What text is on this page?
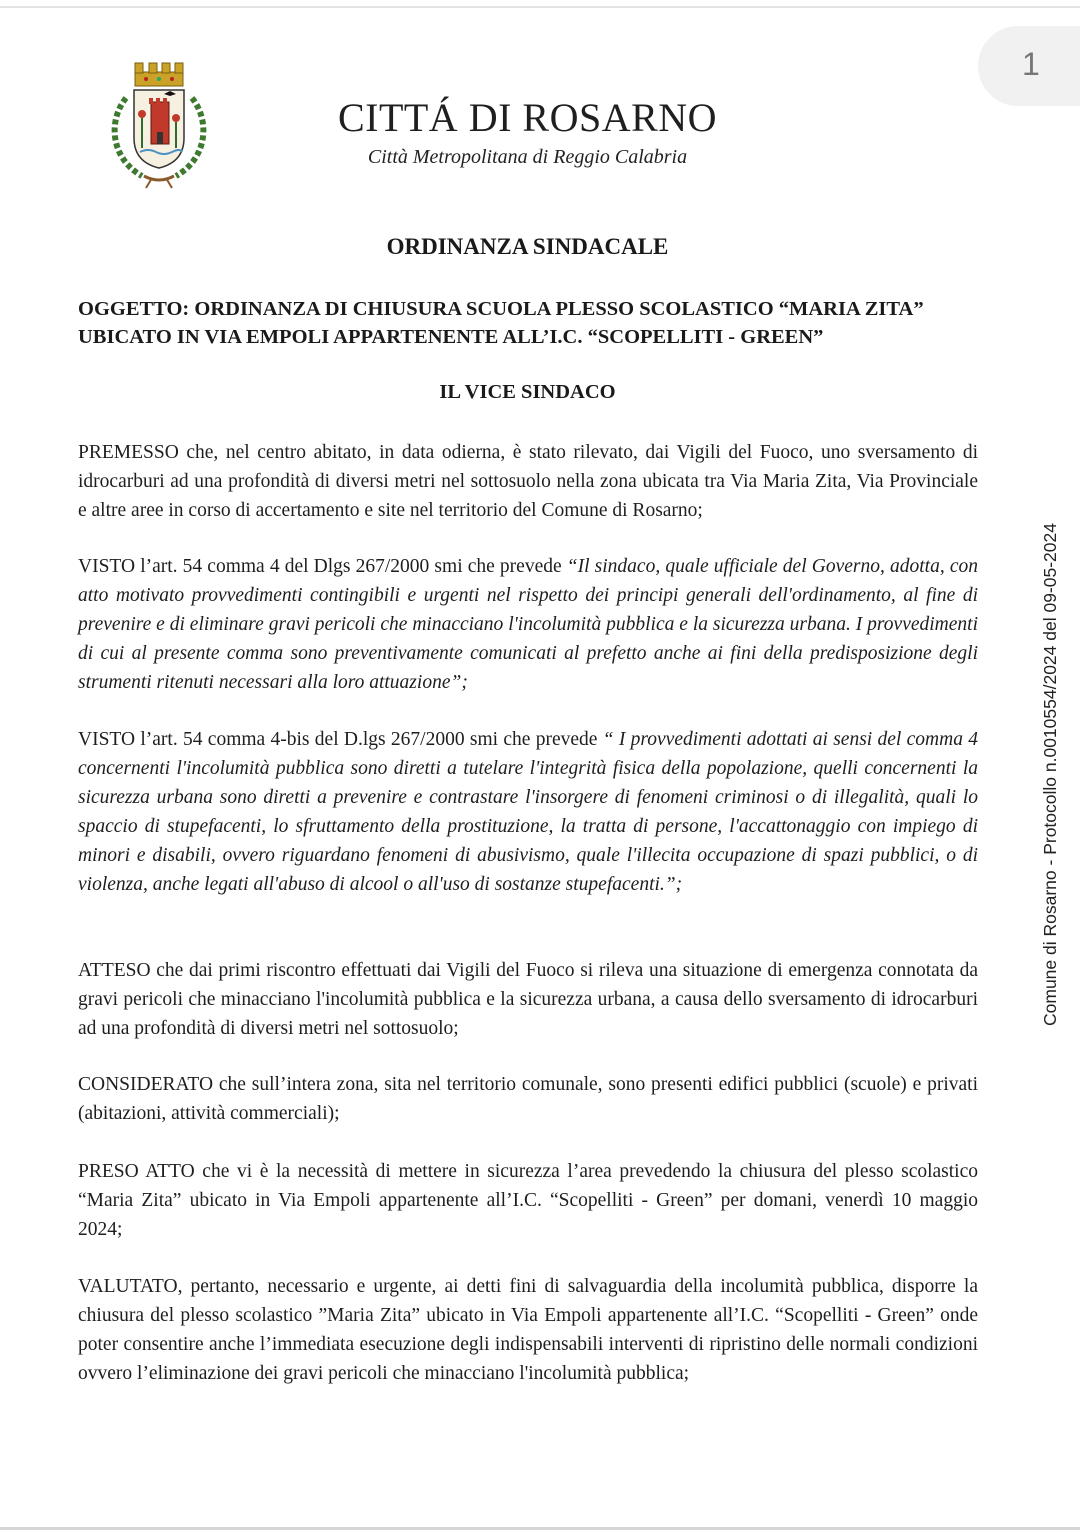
1
Comune di Rosarno - Protocollo n.0010554/2024 del 09-05-2024
CITTÁ DI ROSARNO
Città Metropolitana di Reggio Calabria
ORDINANZA SINDACALE
OGGETTO: ORDINANZA DI CHIUSURA SCUOLA PLESSO SCOLASTICO “MARIA ZITA”
UBICATO IN VIA EMPOLI APPARTENENTE ALL’I.C. “SCOPELLITI - GREEN”
IL VICE SINDACO
PREMESSO che, nel centro abitato, in data odierna, è stato rilevato, dai Vigili del Fuoco, uno sversamento di idrocarburi ad una profondità di diversi metri nel sottosuolo nella zona ubicata tra Via Maria Zita, Via Provinciale e altre aree in corso di accertamento e site nel territorio del Comune di Rosarno;
VISTO l’art. 54 comma 4 del Dlgs 267/2000 smi che prevede “Il sindaco, quale ufficiale del Governo, adotta, con atto motivato provvedimenti contingibili e urgenti nel rispetto dei principi generali dell'ordinamento, al fine di prevenire e di eliminare gravi pericoli che minacciano l'incolumità pubblica e la sicurezza urbana. I provvedimenti di cui al presente comma sono preventivamente comunicati al prefetto anche ai fini della predisposizione degli strumenti ritenuti necessari alla loro attuazione”;
VISTO l’art. 54 comma 4-bis del D.lgs 267/2000 smi che prevede “ I provvedimenti adottati ai sensi del comma 4 concernenti l'incolumità pubblica sono diretti a tutelare l'integrità fisica della popolazione, quelli concernenti la sicurezza urbana sono diretti a prevenire e contrastare l'insorgere di fenomeni criminosi o di illegalità, quali lo spaccio di stupefacenti, lo sfruttamento della prostituzione, la tratta di persone, l'accattonaggio con impiego di minori e disabili, ovvero riguardano fenomeni di abusivismo, quale l'illecita occupazione di spazi pubblici, o di violenza, anche legati all'abuso di alcool o all'uso di sostanze stupefacenti.”;
ATTESO che dai primi riscontro effettuati dai Vigili del Fuoco si rileva una situazione di emergenza connotata da gravi pericoli che minacciano l'incolumità pubblica e la sicurezza urbana, a causa dello sversamento di idrocarburi ad una profondità di diversi metri nel sottosuolo;
CONSIDERATO che sull’intera zona, sita nel territorio comunale, sono presenti edifici pubblici (scuole) e privati (abitazioni, attività commerciali);
PRESO ATTO che vi è la necessità di mettere in sicurezza l’area prevedendo la chiusura del plesso scolastico “Maria Zita” ubicato in Via Empoli appartenente all’I.C. “Scopelliti - Green” per domani, venerdì 10 maggio 2024;
VALUTATO, pertanto, necessario e urgente, ai detti fini di salvaguardia della incolumità pubblica, disporre la chiusura del plesso scolastico ”Maria Zita” ubicato in Via Empoli appartenente all’I.C. “Scopelliti - Green” onde poter consentire anche l’immediata esecuzione degli indispensabili interventi di ripristino delle normali condizioni ovvero l’eliminazione dei gravi pericoli che minacciano l'incolumità pubblica;
